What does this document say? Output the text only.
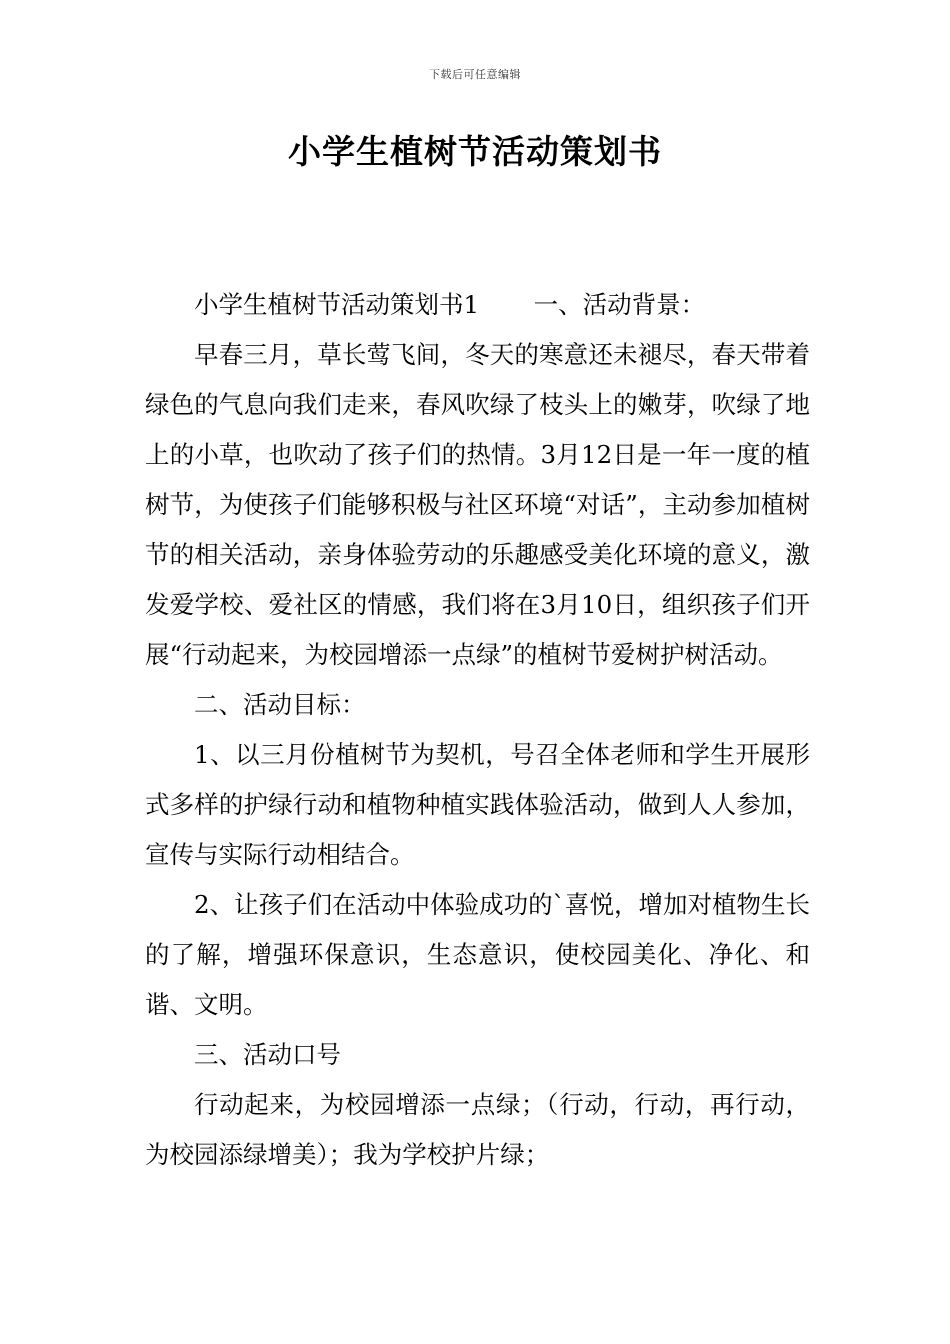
下载后可任意编辑
小学生植树节活动策划书

小学生植树节活动策划书1       一、活动背景：

早春三月，草长莺飞间，冬天的寒意还未褪尽，春天带着绿色的气息向我们走来，春风吹绿了枝头上的嫩芽，吹绿了地上的小草，也吹动了孩子们的热情。3月12日是一年一度的植树节，为使孩子们能够积极与社区环境“对话”，主动参加植树节的相关活动，亲身体验劳动的乐趣感受美化环境的意义，激发爱学校、爱社区的情感，我们将在3月10日，组织孩子们开展“行动起来，为校园增添一点绿”的植树节爱树护树活动。

二、活动目标：

1、以三月份植树节为契机，号召全体老师和学生开展形式多样的护绿行动和植物种植实践体验活动，做到人人参加，宣传与实际行动相结合。

2、让孩子们在活动中体验成功的`喜悦，增加对植物生长的了解，增强环保意识，生态意识，使校园美化、净化、和谐、文明。

三、活动口号

行动起来，为校园增添一点绿；（行动，行动，再行动，为校园添绿增美）；我为学校护片绿；
